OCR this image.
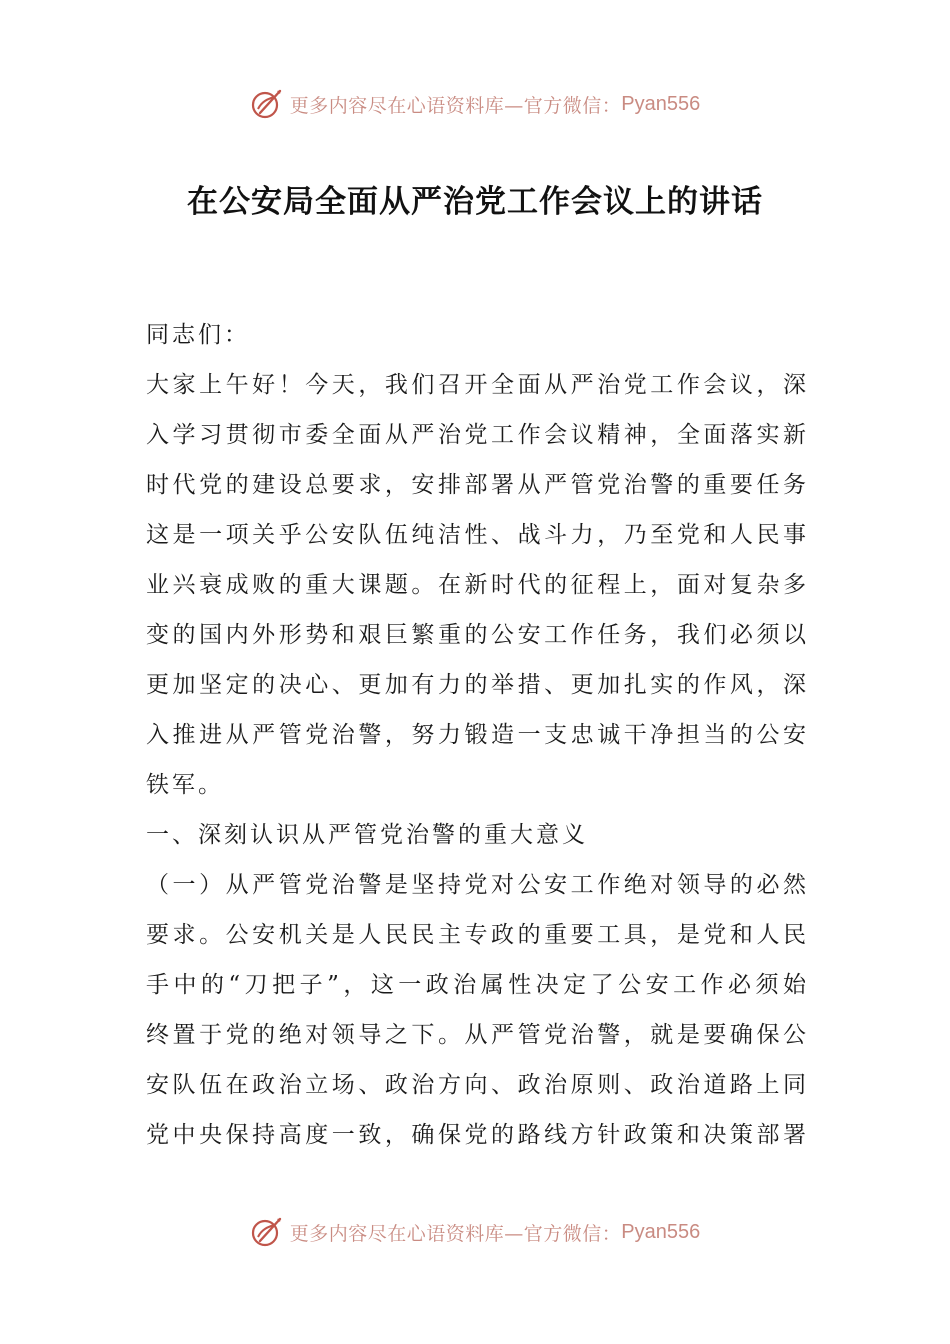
更多内容尽在心语资料库—官方微信： Pyan556
在公安局全面从严治党工作会议上的讲话
同志们：
大家上午好！今天，我们召开全面从严治党工作会议，深
入学习贯彻市委全面从严治党工作会议精神，全面落实新
时代党的建设总要求，安排部署从严管党治警的重要任务
这是一项关乎公安队伍纯洁性、战斗力，乃至党和人民事
业兴衰成败的重大课题。在新时代的征程上，面对复杂多
变的国内外形势和艰巨繁重的公安工作任务，我们必须以
更加坚定的决心、更加有力的举措、更加扎实的作风，深
入推进从严管党治警，努力锻造一支忠诚干净担当的公安
铁军。
一、深刻认识从严管党治警的重大意义
（一）从严管党治警是坚持党对公安工作绝对领导的必然
要求。公安机关是人民民主专政的重要工具，是党和人民
手中的“刀把子”，这一政治属性决定了公安工作必须始
终置于党的绝对领导之下。从严管党治警，就是要确保公
安队伍在政治立场、政治方向、政治原则、政治道路上同
党中央保持高度一致，确保党的路线方针政策和决策部署
更多内容尽在心语资料库—官方微信： Pyan556
